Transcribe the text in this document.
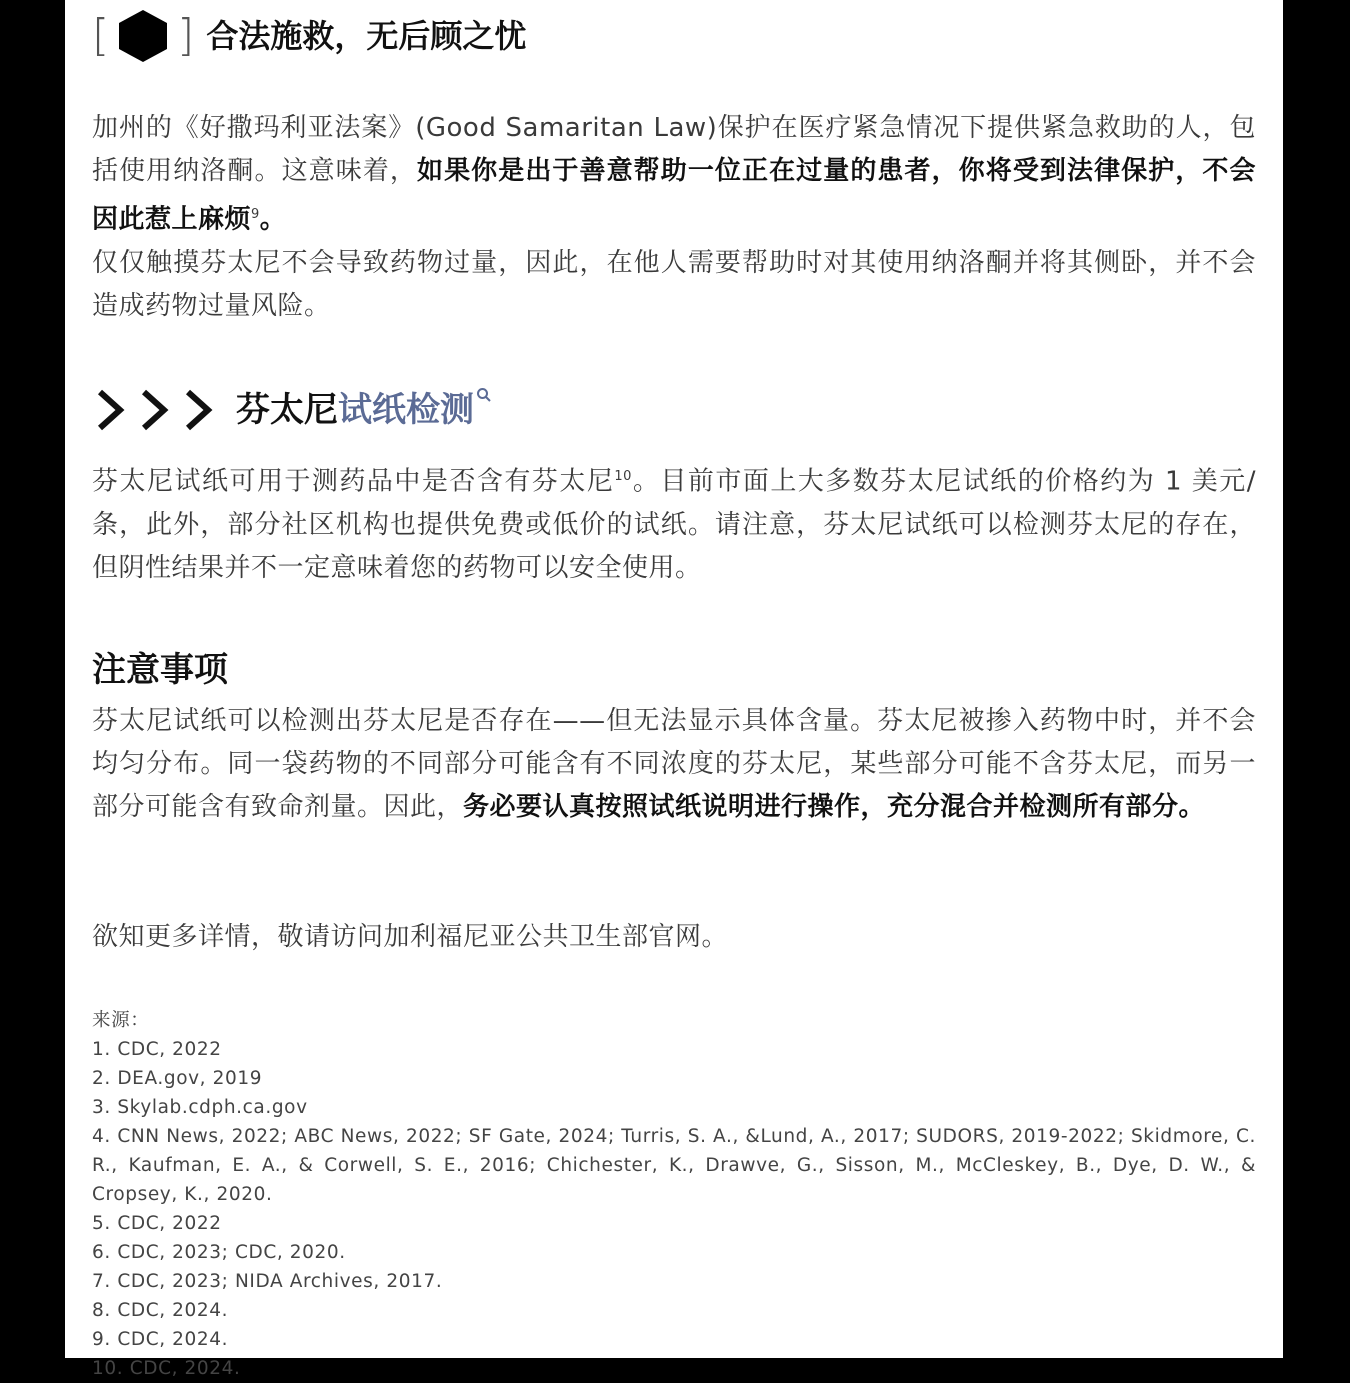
[ ] 合法施救，无后顾之忧

加州的《好撒玛利亚法案》(Good Samaritan Law)保护在医疗紧急情况下提供紧急救助的人，包括使用纳洛酮。这意味着，如果你是出于善意帮助一位正在过量的患者，你将受到法律保护，不会因此惹上麻烦$^9$。

仅仅触摸芬太尼不会导致药物过量，因此，在他人需要帮助时对其使用纳洛酮并将其侧卧，并不会造成药物过量风险。

芬太尼试纸检测

芬太尼试纸可用于测药品中是否含有芬太尼$^{10}$。目前市面上大多数芬太尼试纸的价格约为 1 美元/条，此外，部分社区机构也提供免费或低价的试纸。请注意，芬太尼试纸可以检测芬太尼的存在，但阴性结果并不一定意味着您的药物可以安全使用。

注意事项

芬太尼试纸可以检测出芬太尼是否存在——但无法显示具体含量。芬太尼被掺入药物中时，并不会均匀分布。同一袋药物的不同部分可能含有不同浓度的芬太尼，某些部分可能不含芬太尼，而另一部分可能含有致命剂量。因此，务必要认真按照试纸说明进行操作，充分混合并检测所有部分。

欲知更多详情，敬请访问加利福尼亚公共卫生部官网。

来源：
1. CDC, 2022
2. DEA.gov, 2019
3. Skylab.cdph.ca.gov
4. CNN News, 2022; ABC News, 2022; SF Gate, 2024; Turris, S. A., &Lund, A., 2017; SUDORS, 2019-2022; Skidmore, C. R., Kaufman, E. A., & Corwell, S. E., 2016; Chichester, K., Drawve, G., Sisson, M., McCleskey, B., Dye, D. W., & Cropsey, K., 2020.
5. CDC, 2022
6. CDC, 2023; CDC, 2020.
7. CDC, 2023; NIDA Archives, 2017.
8. CDC, 2024.
9. CDC, 2024.
10. CDC, 2024.
